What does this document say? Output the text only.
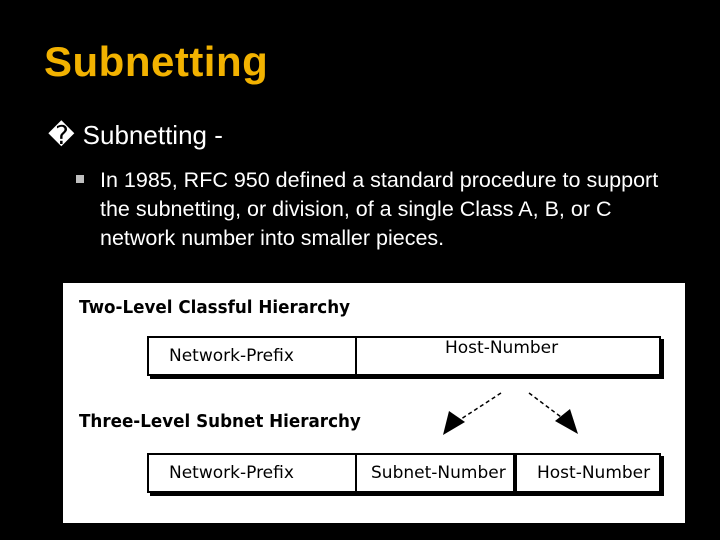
Subnetting
� Subnetting -
In 1985, RFC 950 defined a standard procedure to support the subnetting, or division, of a single Class A, B, or C network number into smaller pieces.
Two-Level Classful Hierarchy
Network-Prefix	Host-Number
Three-Level Subnet Hierarchy
Network-Prefix	Subnet-Number Host-Number
